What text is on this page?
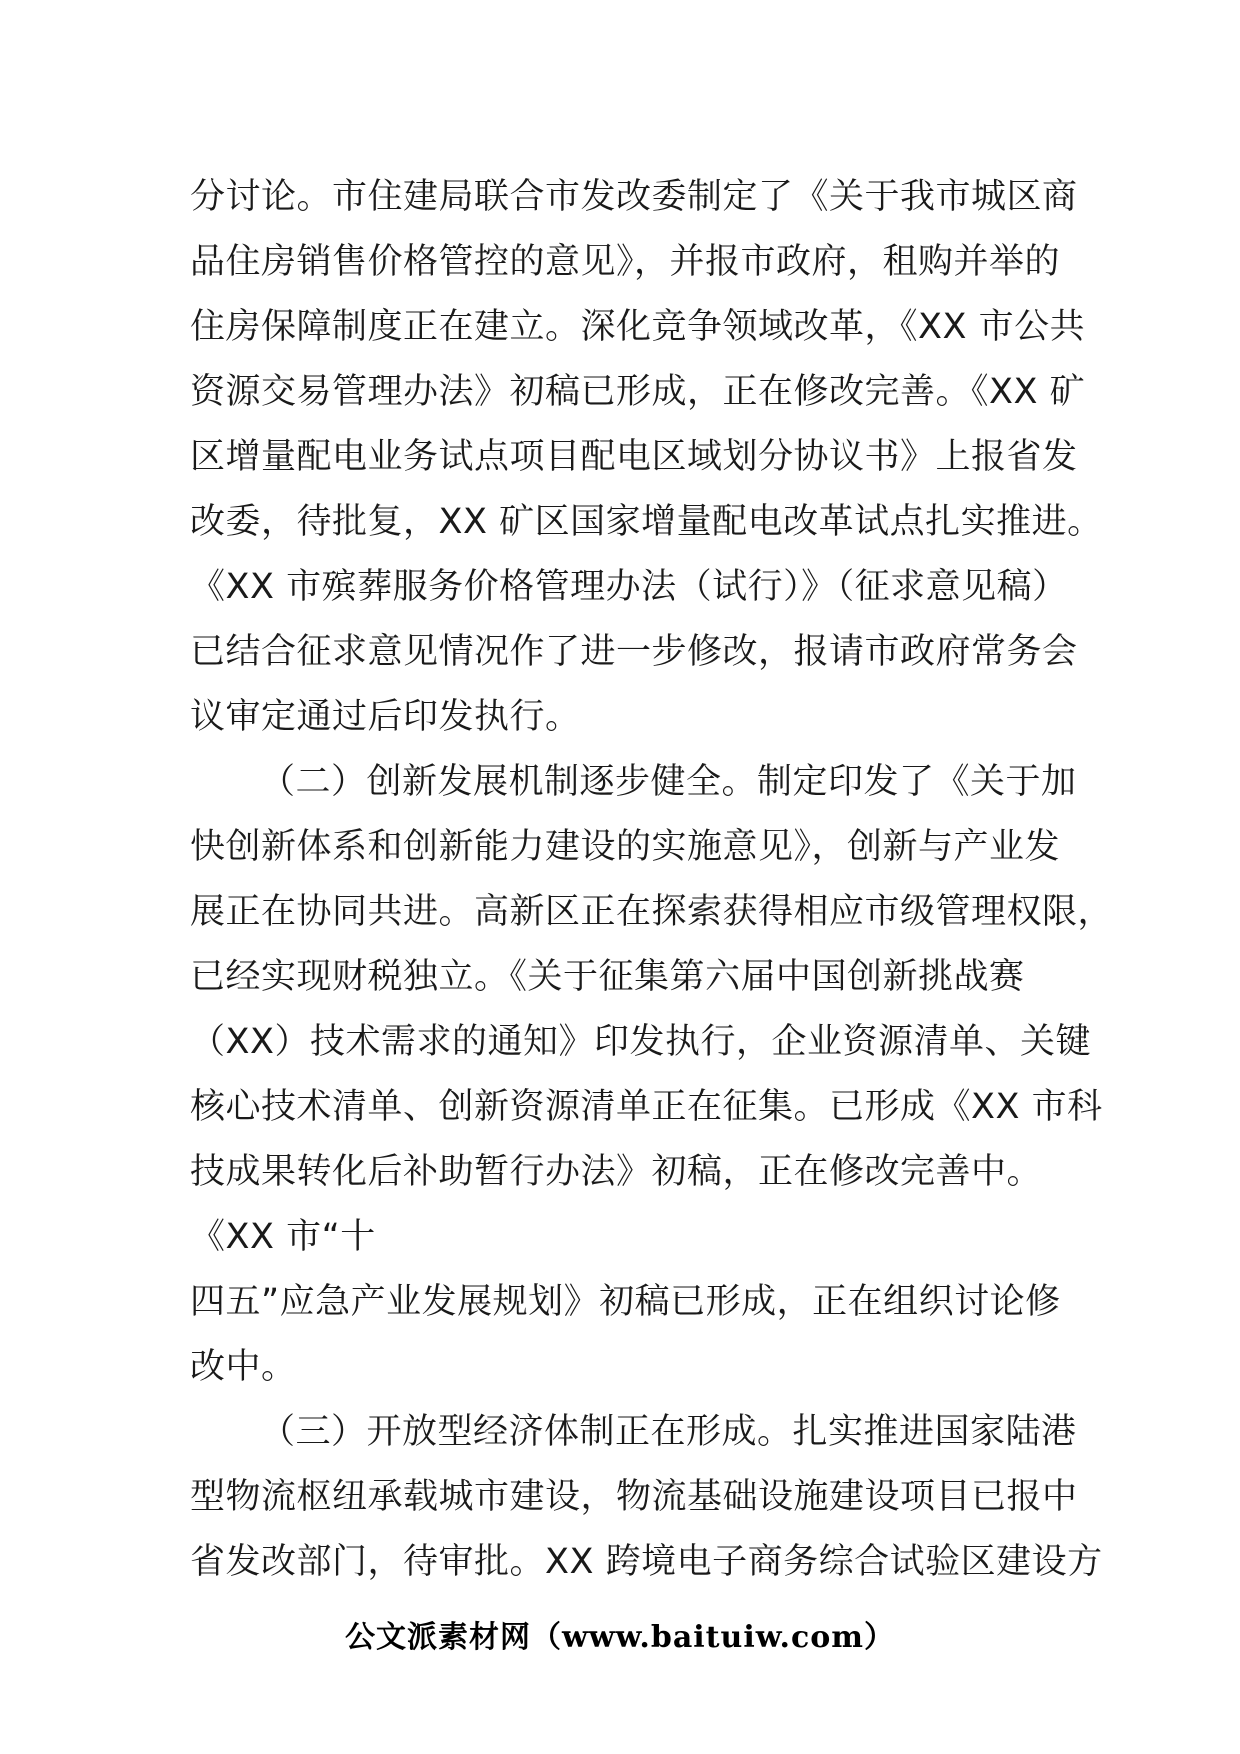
分讨论。市住建局联合市发改委制定了《关于我市城区商
品住房销售价格管控的意见》，并报市政府，租购并举的
住房保障制度正在建立。深化竞争领域改革，《XX 市公共
资源交易管理办法》初稿已形成，正在修改完善。《XX 矿
区增量配电业务试点项目配电区域划分协议书》上报省发
改委，待批复，XX 矿区国家增量配电改革试点扎实推进。
《XX 市殡葬服务价格管理办法（试行）》（征求意见稿）
已结合征求意见情况作了进一步修改，报请市政府常务会
议审定通过后印发执行。
（二）创新发展机制逐步健全。制定印发了《关于加
快创新体系和创新能力建设的实施意见》，创新与产业发
展正在协同共进。高新区正在探索获得相应市级管理权限，
已经实现财税独立。《关于征集第六届中国创新挑战赛
（XX）技术需求的通知》印发执行，企业资源清单、关键
核心技术清单、创新资源清单正在征集。已形成《XX 市科
技成果转化后补助暂行办法》初稿，正在修改完善中。
《XX 市“十
四五”应急产业发展规划》初稿已形成，正在组织讨论修
改中。
（三）开放型经济体制正在形成。扎实推进国家陆港
型物流枢纽承载城市建设，物流基础设施建设项目已报中
省发改部门，待审批。XX 跨境电子商务综合试验区建设方
公文派素材网（www.baituiw.com）
